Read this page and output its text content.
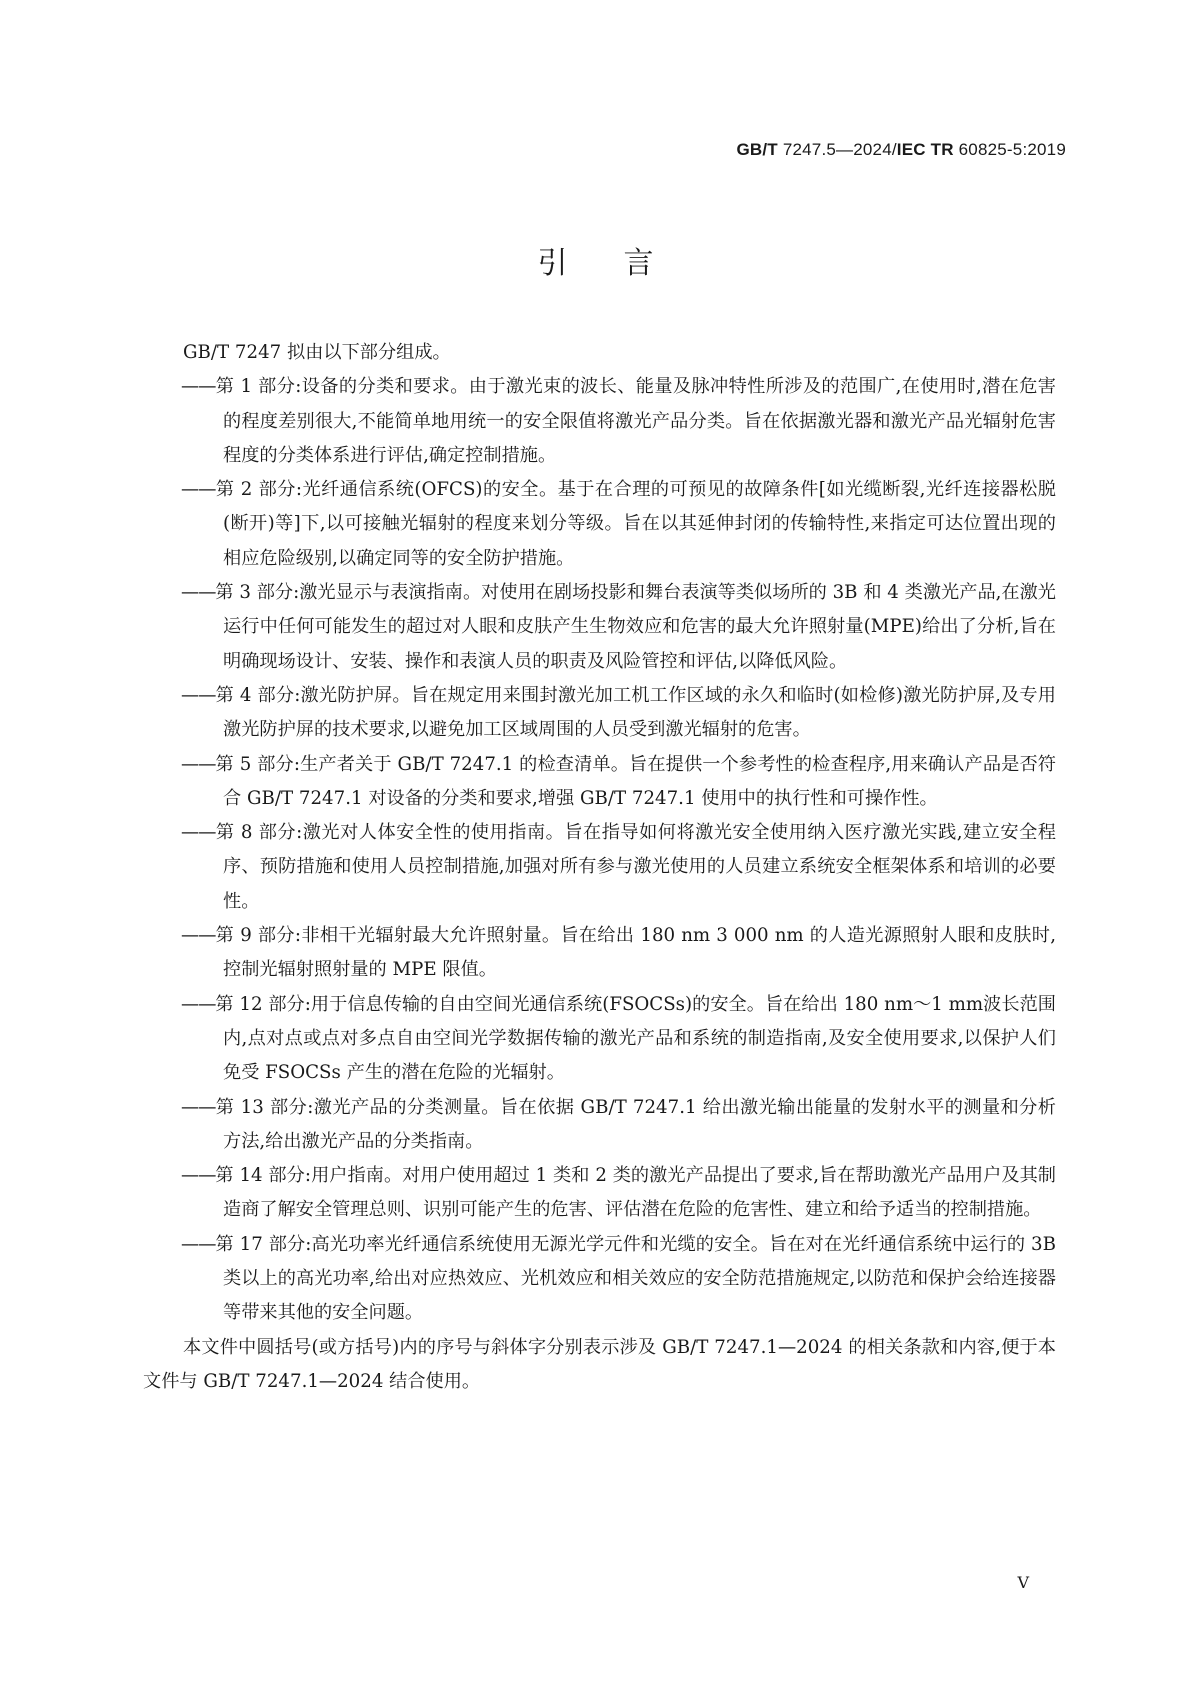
GB/T 7247.5—2024/IEC TR 60825-5:2019
引 言

GB/T 7247 拟由以下部分组成。

——第 1 部分:设备的分类和要求。由于激光束的波长、能量及脉冲特性所涉及的范围广,在使用时,潜在危害的程度差别很大,不能简单地用统一的安全限值将激光产品分类。旨在依据激光器和激光产品光辐射危害程度的分类体系进行评估,确定控制措施。

——第 2 部分:光纤通信系统(OFCS)的安全。基于在合理的可预见的故障条件[如光缆断裂,光纤连接器松脱(断开)等]下,以可接触光辐射的程度来划分等级。旨在以其延伸封闭的传输特性,来指定可达位置出现的相应危险级别,以确定同等的安全防护措施。

——第 3 部分:激光显示与表演指南。对使用在剧场投影和舞台表演等类似场所的 3B 和 4 类激光产品,在激光运行中任何可能发生的超过对人眼和皮肤产生生物效应和危害的最大允许照射量(MPE)给出了分析,旨在明确现场设计、安装、操作和表演人员的职责及风险管控和评估,以降低风险。

——第 4 部分:激光防护屏。旨在规定用来围封激光加工机工作区域的永久和临时(如检修)激光防护屏,及专用激光防护屏的技术要求,以避免加工区域周围的人员受到激光辐射的危害。

——第 5 部分:生产者关于 GB/T 7247.1 的检查清单。旨在提供一个参考性的检查程序,用来确认产品是否符合 GB/T 7247.1 对设备的分类和要求,增强 GB/T 7247.1 使用中的执行性和可操作性。

——第 8 部分:激光对人体安全性的使用指南。旨在指导如何将激光安全使用纳入医疗激光实践,建立安全程序、预防措施和使用人员控制措施,加强对所有参与激光使用的人员建立系统安全框架体系和培训的必要性。

——第 9 部分:非相干光辐射最大允许照射量。旨在给出 180 nm 3 000 nm 的人造光源照射人眼和皮肤时,控制光辐射照射量的 MPE 限值。

——第 12 部分:用于信息传输的自由空间光通信系统(FSOCSs)的安全。旨在给出 180 nm～1 mm波长范围内,点对点或点对多点自由空间光学数据传输的激光产品和系统的制造指南,及安全使用要求,以保护人们免受 FSOCSs 产生的潜在危险的光辐射。

——第 13 部分:激光产品的分类测量。旨在依据 GB/T 7247.1 给出激光输出能量的发射水平的测量和分析方法,给出激光产品的分类指南。

——第 14 部分:用户指南。对用户使用超过 1 类和 2 类的激光产品提出了要求,旨在帮助激光产品用户及其制造商了解安全管理总则、识别可能产生的危害、评估潜在危险的危害性、建立和给予适当的控制措施。

——第 17 部分:高光功率光纤通信系统使用无源光学元件和光缆的安全。旨在对在光纤通信系统中运行的 3B 类以上的高光功率,给出对应热效应、光机效应和相关效应的安全防范措施规定,以防范和保护会给连接器等带来其他的安全问题。

本文件中圆括号(或方括号)内的序号与斜体字分别表示涉及 GB/T 7247.1—2024 的相关条款和内容,便于本文件与 GB/T 7247.1—2024 结合使用。

V
